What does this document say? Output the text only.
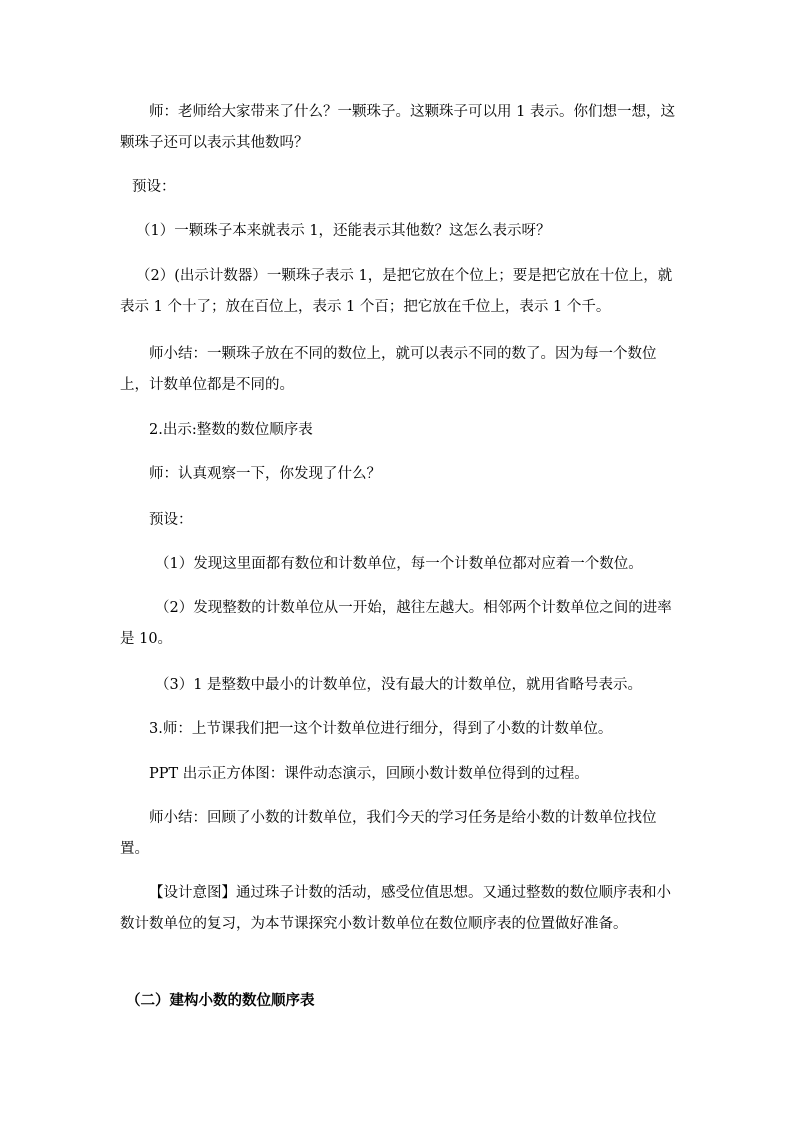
师：老师给大家带来了什么？一颗珠子。这颗珠子可以用 1 表示。你们想一想，这颗珠子还可以表示其他数吗？
预设：
（1）一颗珠子本来就表示 1，还能表示其他数？这怎么表示呀？
（2）(出示计数器）一颗珠子表示 1，是把它放在个位上；要是把它放在十位上，就表示 1 个十了；放在百位上，表示 1 个百；把它放在千位上，表示 1 个千。
师小结：一颗珠子放在不同的数位上，就可以表示不同的数了。因为每一个数位上，计数单位都是不同的。
2.出示:整数的数位顺序表
师：认真观察一下，你发现了什么？
预设：
（1）发现这里面都有数位和计数单位，每一个计数单位都对应着一个数位。
（2）发现整数的计数单位从一开始，越往左越大。相邻两个计数单位之间的进率是 10。
（3）1 是整数中最小的计数单位，没有最大的计数单位，就用省略号表示。
3.师：上节课我们把一这个计数单位进行细分，得到了小数的计数单位。
PPT 出示正方体图：课件动态演示，回顾小数计数单位得到的过程。
师小结：回顾了小数的计数单位，我们今天的学习任务是给小数的计数单位找位置。
【设计意图】通过珠子计数的活动，感受位值思想。又通过整数的数位顺序表和小数计数单位的复习，为本节课探究小数计数单位在数位顺序表的位置做好准备。
（二）建构小数的数位顺序表
